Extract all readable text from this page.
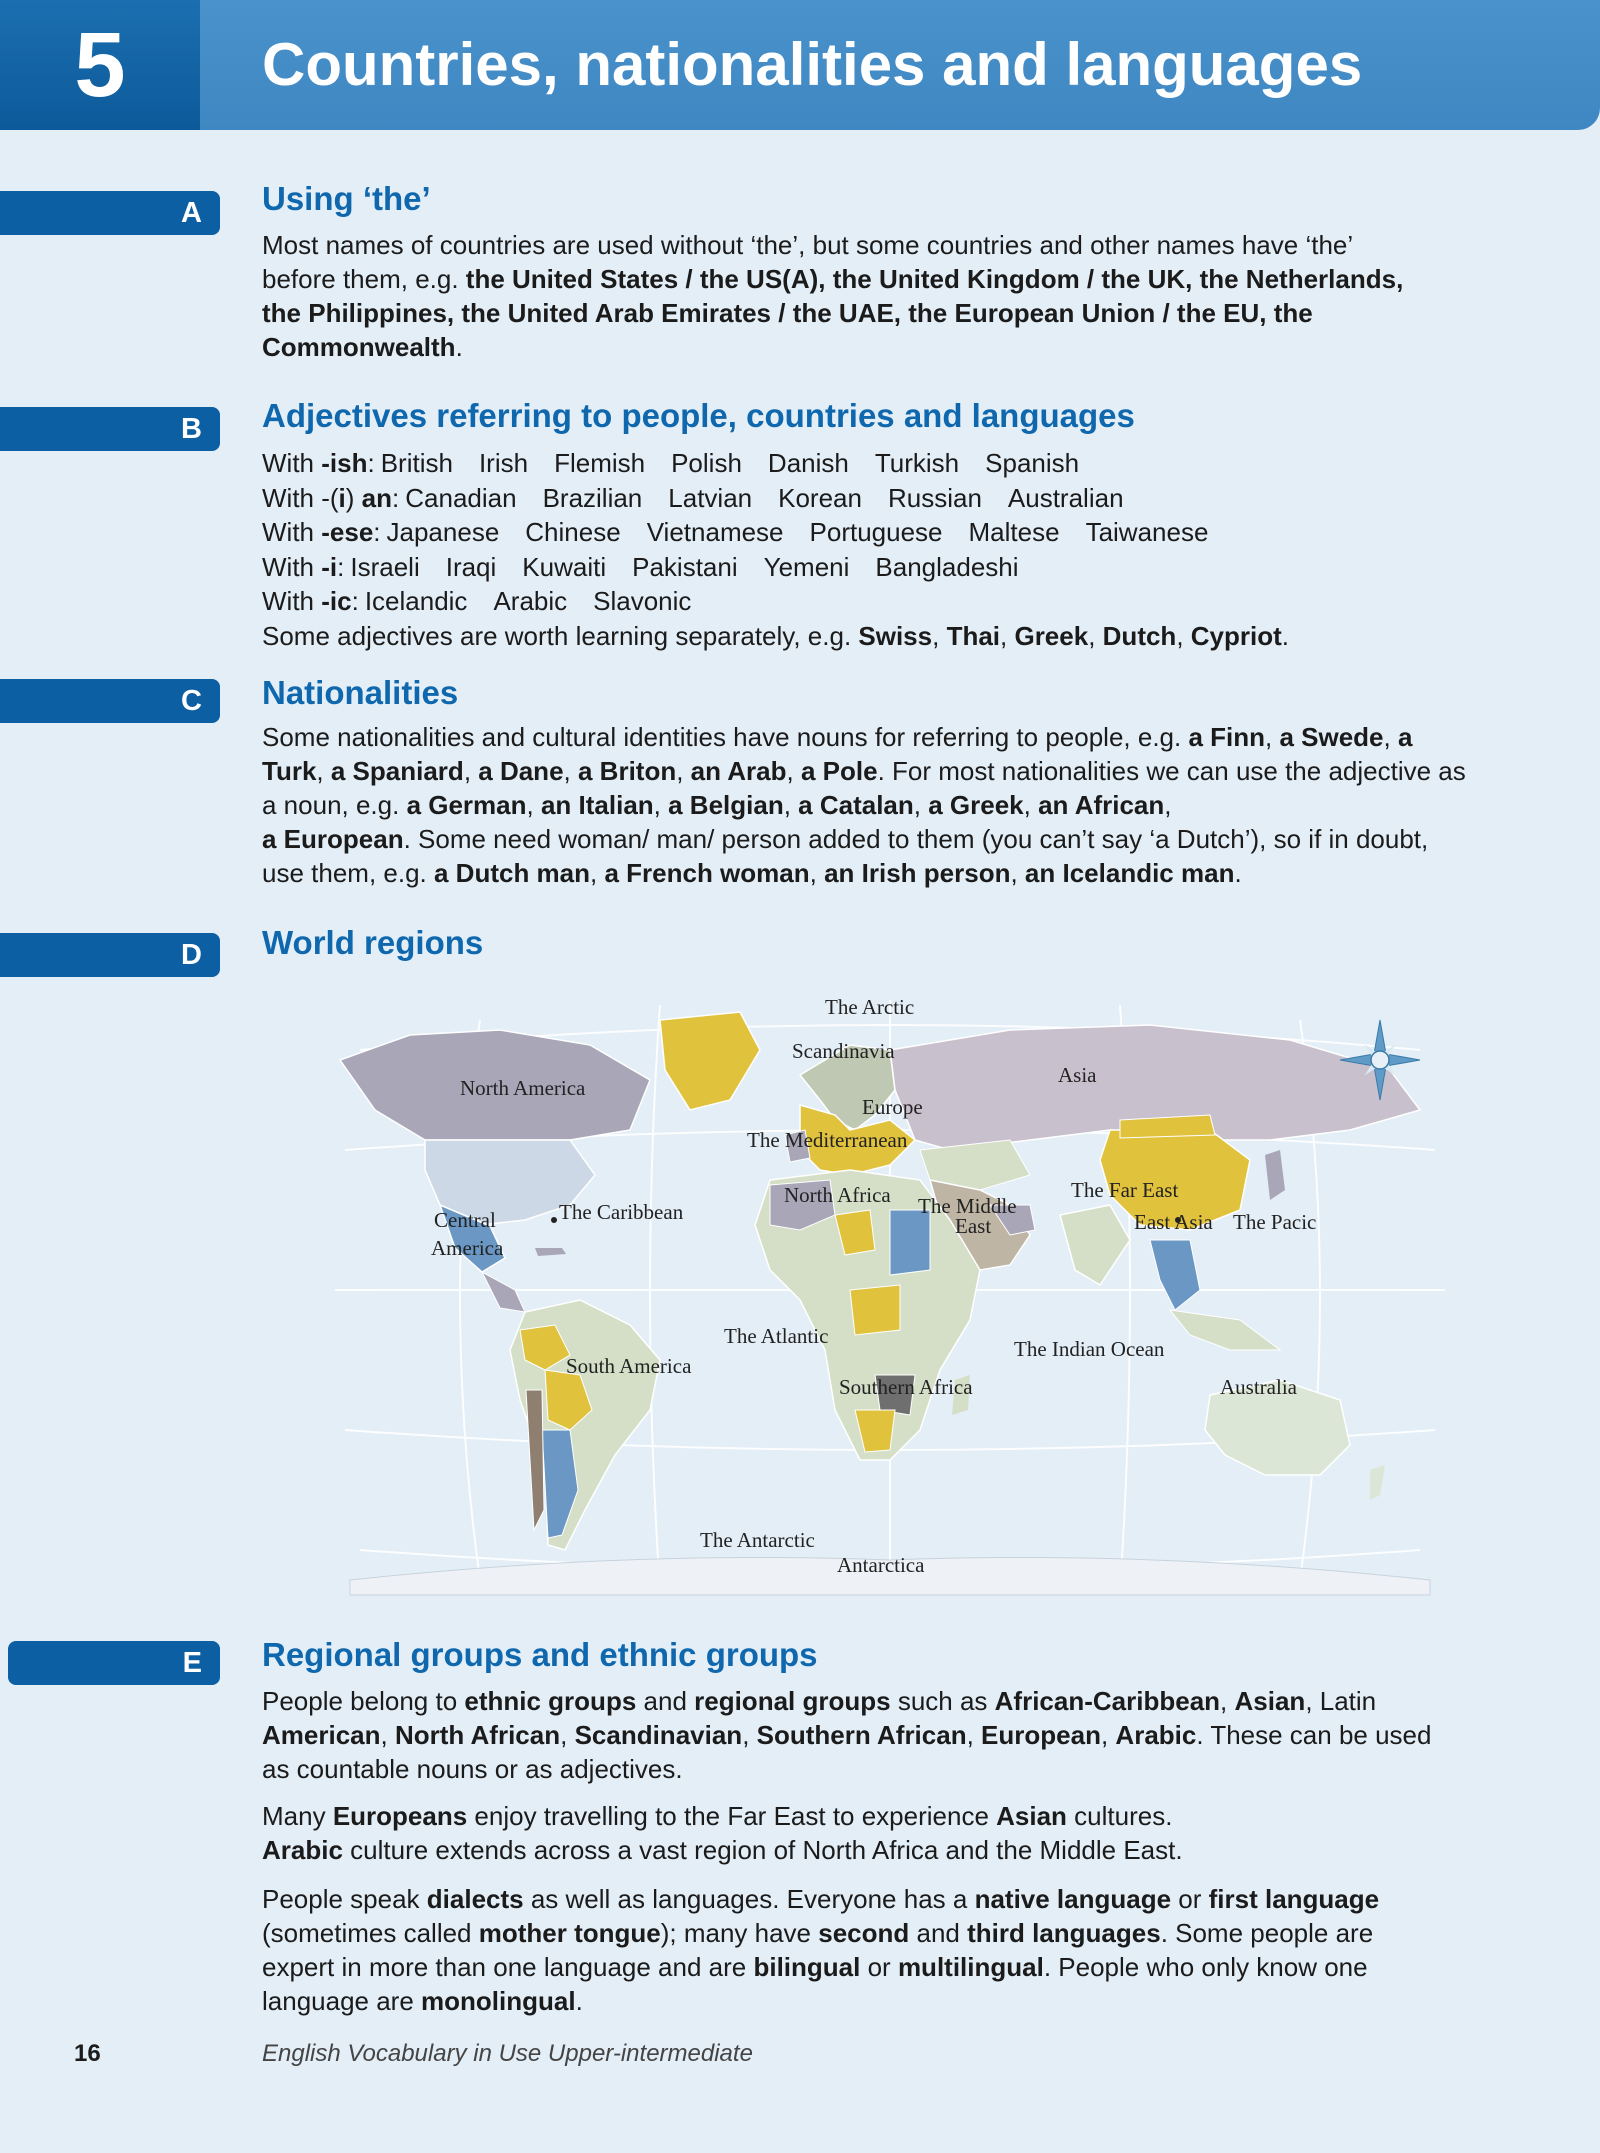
5	Countries, nationalities and languages
A	Using ‘the’
Most names of countries are used without ‘the’, but some countries and other names have ‘the’
before them, e.g. the United States / the US(A), the United Kingdom / the UK, the Netherlands,
the Philippines, the United Arab Emirates / the UAE, the European Union / the EU, the
Commonwealth.
B	Adjectives referring to people, countries and languages
With -ish: British Irish Flemish Polish Danish Turkish Spanish
With -(i) an: Canadian Brazilian Latvian Korean Russian Australian
With -ese: Japanese Chinese Vietnamese Portuguese Maltese Taiwanese
With -i: Israeli Iraqi Kuwaiti Pakistani Yemeni Bangladeshi
With -ic: Icelandic Arabic Slavonic
Some adjectives are worth learning separately, e.g. Swiss, Thai, Greek, Dutch, Cypriot.
C	Nationalities
Some nationalities and cultural identities have nouns for referring to people, e.g. a Finn, a Swede, a
Turk, a Spaniard, a Dane, a Briton, an Arab, a Pole. For most nationalities we can use the adjective as
a noun, e.g. a German, an Italian, a Belgian, a Catalan, a Greek, an African,
a European. Some need woman/ man/ person added to them (you can’t say ‘a Dutch’), so if in doubt,
use them, e.g. a Dutch man, a French woman, an Irish person, an Icelandic man.
D	World regions
The Arctic
Scandinavia
Asia
North America
Europe
The Mediterranean
North Africa The Middle
East
The Far East
East Asia The Pacic
Central
America
The Caribbean
The Atlantic
The Indian Ocean
South America
Southern Africa	Australia
The Antarctic
Antarctica
E	Regional groups and ethnic groups
People belong to ethnic groups and regional groups such as African-Caribbean, Asian, Latin
American, North African, Scandinavian, Southern African, European, Arabic. These can be used
as countable nouns or as adjectives.
Many Europeans enjoy travelling to the Far East to experience Asian cultures.
Arabic culture extends across a vast region of North Africa and the Middle East.
People speak dialects as well as languages. Everyone has a native language or first language
(sometimes called mother tongue); many have second and third languages. Some people are
expert in more than one language and are bilingual or multilingual. People who only know one
language are monolingual.
16	English Vocabulary in Use Upper-intermediate
